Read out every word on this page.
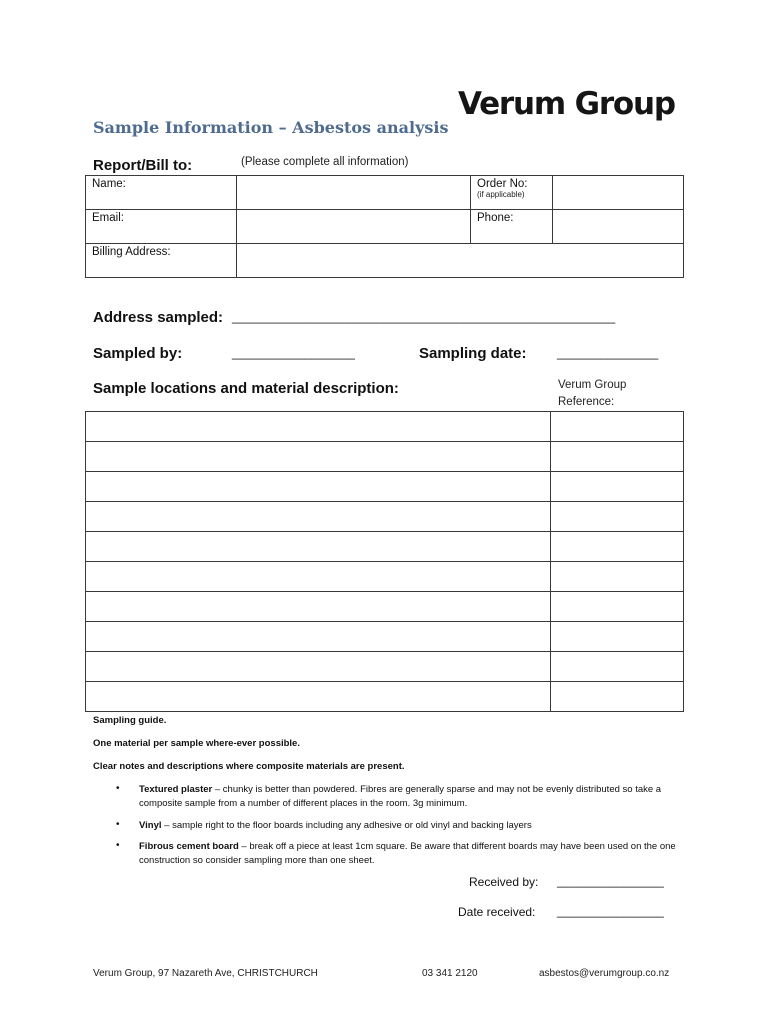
Verum Group
Sample Information – Asbestos analysis
Report/Bill to:	(Please complete all information)
Name:		Order No:
(if applicable)	

Email:		Phone:	
Billing Address:			
Address sampled: _____________________________________________________
Sampled by:	_________________	Sampling date: ______________
Sample locations and material description:	Verum Group
Reference:

Sampling guide.
One material per sample where-ever possible.
Clear notes and descriptions where composite materials are present.
• Textured plaster – chunky is better than powdered. Fibres are generally sparse and may not be evenly distributed so take a composite sample from a number of different places in the room. 3g minimum.
• Vinyl – sample right to the floor boards including any adhesive or old vinyl and backing layers
• Fibrous cement board – break off a piece at least 1cm square. Be aware that different boards may have been used on the one construction so consider sampling more than one sheet.
Received by: ________________
Date received: ________________
Verum Group, 97 Nazareth Ave, CHRISTCHURCH	03 341 2120	asbestos@verumgroup.co.nz
